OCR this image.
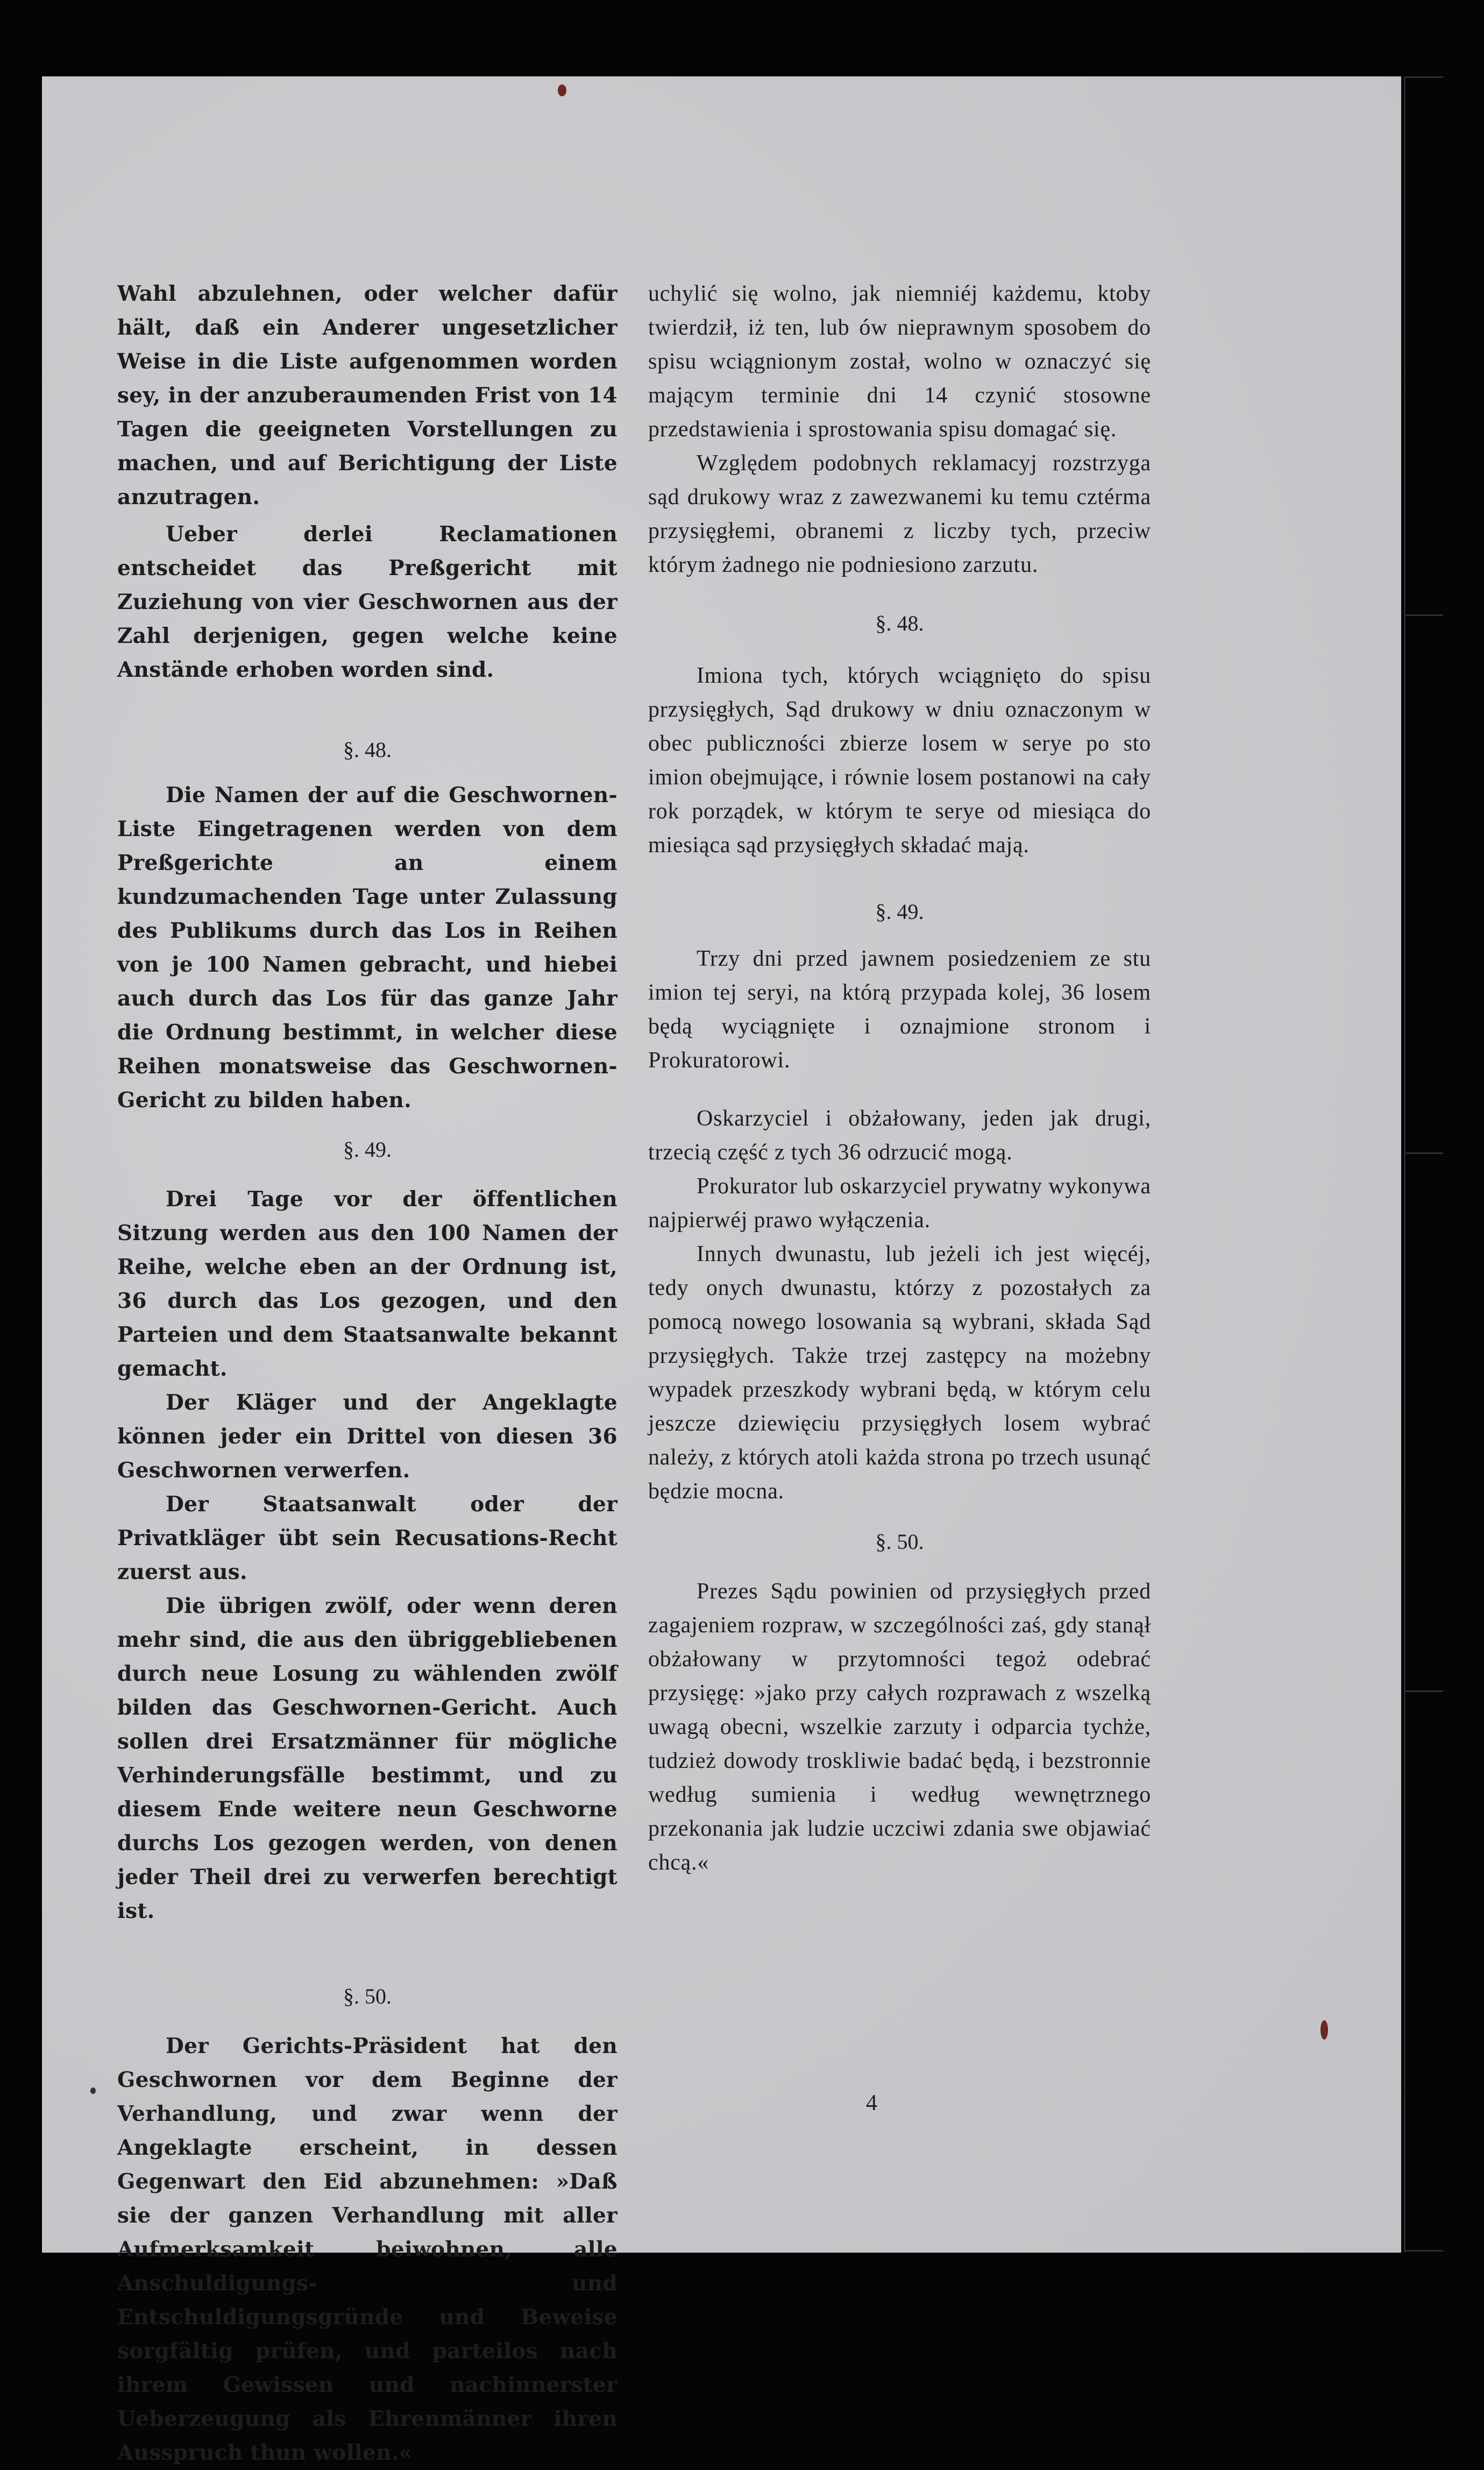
Wahl abzulehnen, oder welcher dafür hält, daß ein Anderer ungesetzlicher Weise in die Liste aufgenommen worden sey, in der anzuberaumenden Frist von 14 Tagen die geeigneten Vorstellungen zu machen, und auf Berichtigung der Liste anzutragen.

Ueber derlei Reclamationen entscheidet das Preßgericht mit Zuziehung von vier Geschwornen aus der Zahl derjenigen, gegen welche keine Anstände erhoben worden sind.

§. 48.

Die Namen der auf die Geschwornen-Liste Eingetragenen werden von dem Preßgerichte an einem kundzumachenden Tage unter Zulassung des Publikums durch das Los in Reihen von je 100 Namen gebracht, und hiebei auch durch das Los für das ganze Jahr die Ordnung bestimmt, in welcher diese Reihen monatsweise das Geschwornen-Gericht zu bilden haben.

§. 49.

Drei Tage vor der öffentlichen Sitzung werden aus den 100 Namen der Reihe, welche eben an der Ordnung ist, 36 durch das Los gezogen, und den Parteien und dem Staatsanwalte bekannt gemacht.

Der Kläger und der Angeklagte können jeder ein Drittel von diesen 36 Geschwornen verwerfen.

Der Staatsanwalt oder der Privatkläger übt sein Recusations-Recht zuerst aus.

Die übrigen zwölf, oder wenn deren mehr sind, die aus den übriggebliebenen durch neue Losung zu wählenden zwölf bilden das Geschwornen-Gericht. Auch sollen drei Ersatzmänner für mögliche Verhinderungsfälle bestimmt, und zu diesem Ende weitere neun Geschworne durchs Los gezogen werden, von denen jeder Theil drei zu verwerfen berechtigt ist.

§. 50.

Der Gerichts-Präsident hat den Geschwornen vor dem Beginne der Verhandlung, und zwar wenn der Angeklagte erscheint, in dessen Gegenwart den Eid abzunehmen: »Daß sie der ganzen Verhandlung mit aller Aufmerksamkeit beiwohnen, alle Anschuldigungs- und Entschuldigungsgründe und Beweise sorgfältig prüfen, und parteilos nach ihrem Gewissen und nachinnerster Ueberzeugung als Ehrenmänner ihren Ausspruch thun wollen.«

uchylić się wolno, jak niemniéj każdemu, ktoby twierdził, iż ten, lub ów nieprawnym sposobem do spisu wciągnionym został, wolno w oznaczyć się mającym terminie dni 14 czynić stosowne przedstawienia i sprostowania spisu domagać się.

Względem podobnych reklamacyj rozstrzyga sąd drukowy wraz z zawezwanemi ku temu cztérma przysięgłemi, obranemi z liczby tych, przeciw którym żadnego nie podniesiono zarzutu.

§. 48.

Imiona tych, których wciągnięto do spisu przysięgłych, Sąd drukowy w dniu oznaczonym w obec publiczności zbierze losem w serye po sto imion obejmujące, i równie losem postanowi na cały rok porządek, w którym te serye od miesiąca do miesiąca sąd przysięgłych składać mają.

§. 49.

Trzy dni przed jawnem posiedzeniem ze stu imion tej seryi, na którą przypada kolej, 36 losem będą wyciągnięte i oznajmione stronom i Prokuratorowi.

Oskarzyciel i obżałowany, jeden jak drugi, trzecią część z tych 36 odrzucić mogą.

Prokurator lub oskarzyciel prywatny wykonywa najpierwéj prawo wyłączenia.

Innych dwunastu, lub jeżeli ich jest więcéj, tedy onych dwunastu, którzy z pozostałych za pomocą nowego losowania są wybrani, składa Sąd przysięgłych. Także trzej zastępcy na możebny wypadek przeszkody wybrani będą, w którym celu jeszcze dziewięciu przysięgłych losem wybrać należy, z których atoli każda strona po trzech usunąć będzie mocna.

§. 50.

Prezes Sądu powinien od przysięgłych przed zagajeniem rozpraw, w szczególności zaś, gdy stanął obżałowany w przytomności tegoż odebrać przysięgę: »jako przy całych rozprawach z wszelką uwagą obecni, wszelkie zarzuty i odparcia tychże, tudzież dowody troskliwie badać będą, i bezstronnie według sumienia i według wewnętrznego przekonania jak ludzie uczciwi zdania swe objawiać chcą.«

4
